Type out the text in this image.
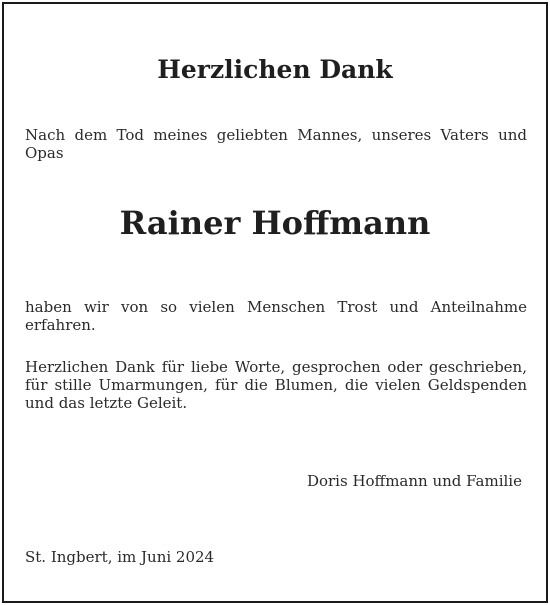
Herzlichen Dank

Nach dem Tod meines geliebten Mannes, unseres Vaters und Opas

Rainer Hoffmann

haben wir von so vielen Menschen Trost und Anteilnahme erfahren.

Herzlichen Dank für liebe Worte, gesprochen oder geschrieben, für stille Umarmungen, für die Blumen, die vielen Geldspenden und das letzte Geleit.

Doris Hoffmann und Familie

St. Ingbert, im Juni 2024
